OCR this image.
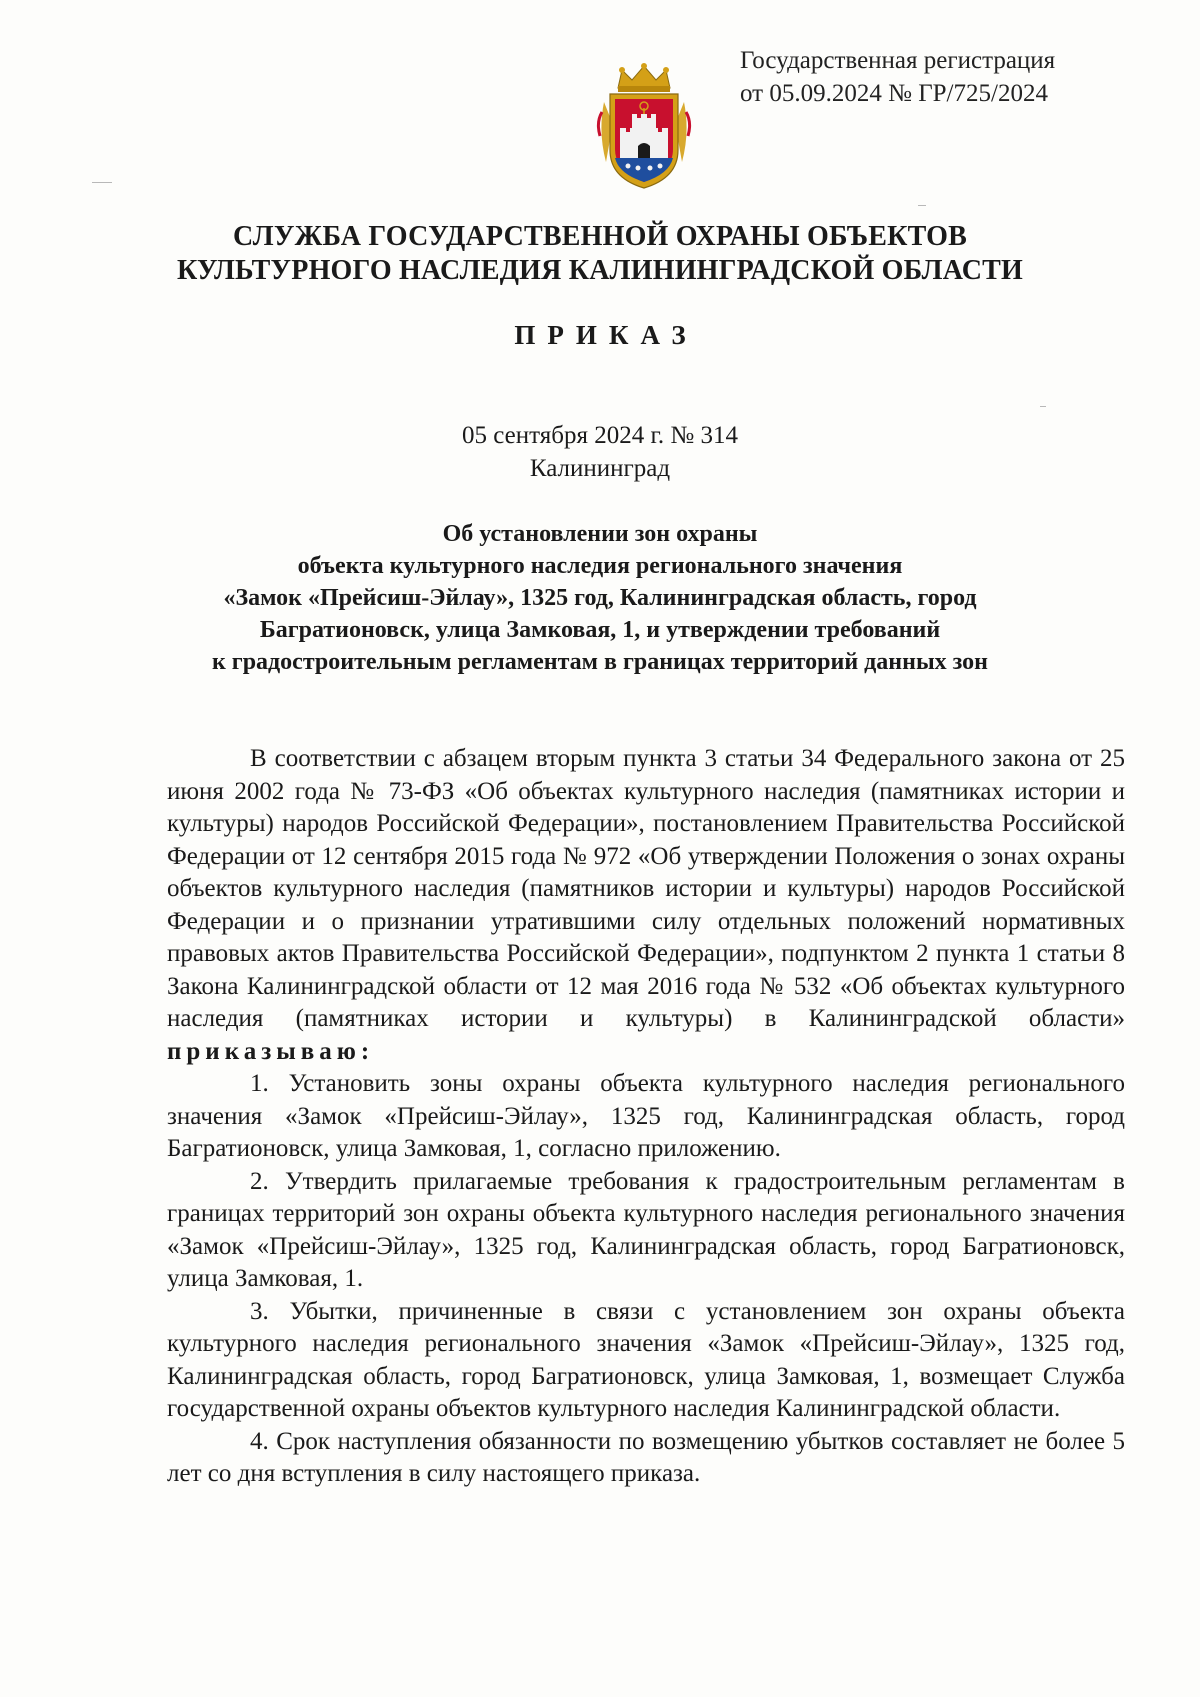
Государственная регистрация
от 05.09.2024 № ГР/725/2024
СЛУЖБА ГОСУДАРСТВЕННОЙ ОХРАНЫ ОБЪЕКТОВ
КУЛЬТУРНОГО НАСЛЕДИЯ КАЛИНИНГРАДСКОЙ ОБЛАСТИ
ПРИКАЗ
05 сентября 2024 г. № 314
Калининград
Об установлении зон охраны
объекта культурного наследия регионального значения
«Замок «Прейсиш-Эйлау», 1325 год, Калининградская область, город
Багратионовск, улица Замковая, 1, и утверждении требований
к градостроительным регламентам в границах территорий данных зон

В соответствии с абзацем вторым пункта 3 статьи 34 Федерального закона от 25 июня 2002 года № 73-ФЗ «Об объектах культурного наследия (памятниках истории и культуры) народов Российской Федерации», постановлением Правительства Российской Федерации от 12 сентября 2015 года № 972 «Об утверждении Положения о зонах охраны объектов культурного наследия (памятников истории и культуры) народов Российской Федерации и о признании утратившими силу отдельных положений нормативных правовых актов Правительства Российской Федерации», подпунктом 2 пункта 1 статьи 8 Закона Калининградской области от 12 мая 2016 года № 532 «Об объектах культурного наследия (памятниках истории и культуры) в Калининградской области» приказываю:

1. Установить зоны охраны объекта культурного наследия регионального значения «Замок «Прейсиш-Эйлау», 1325 год, Калининградская область, город Багратионовск, улица Замковая, 1, согласно приложению.

2. Утвердить прилагаемые требования к градостроительным регламентам в границах территорий зон охраны объекта культурного наследия регионального значения «Замок «Прейсиш-Эйлау», 1325 год, Калининградская область, город Багратионовск, улица Замковая, 1.

3. Убытки, причиненные в связи с установлением зон охраны объекта культурного наследия регионального значения «Замок «Прейсиш-Эйлау», 1325 год, Калининградская область, город Багратионовск, улица Замковая, 1, возмещает Служба государственной охраны объектов культурного наследия Калининградской области.

4. Срок наступления обязанности по возмещению убытков составляет не более 5 лет со дня вступления в силу настоящего приказа.
